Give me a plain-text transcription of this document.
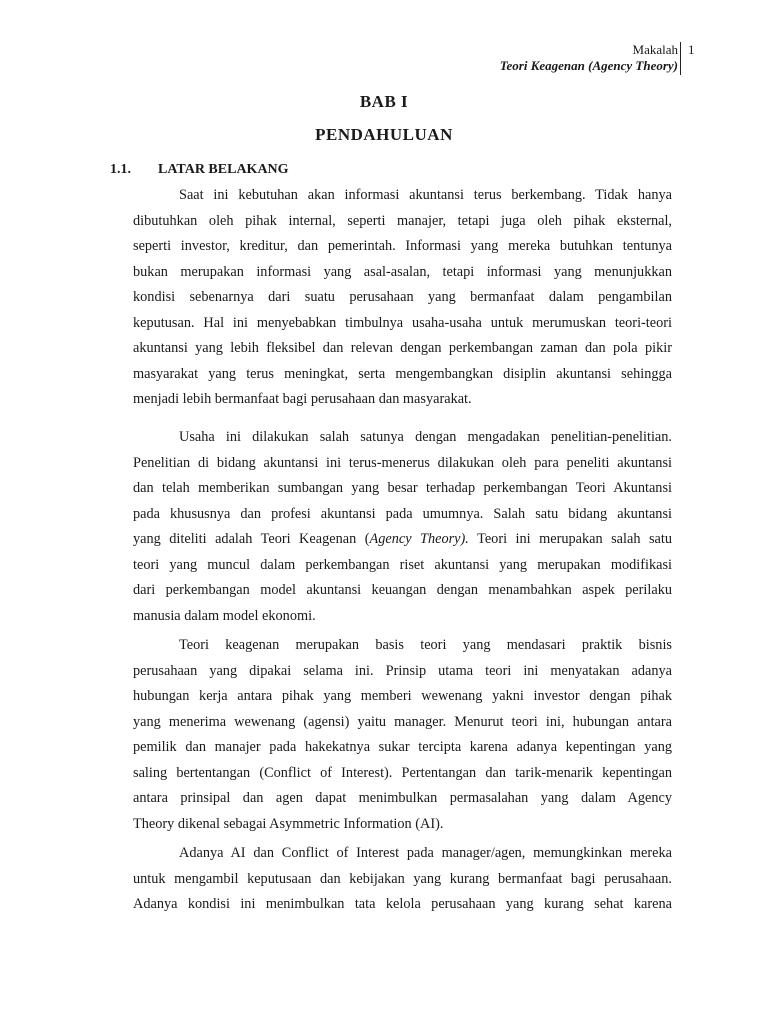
Makalah
Teori Keagenan (Agency Theory)
1
BAB I
PENDAHULUAN
1.1. LATAR BELAKANG
Saat ini kebutuhan akan informasi akuntansi terus berkembang. Tidak hanya
dibutuhkan oleh pihak internal, seperti manajer, tetapi juga oleh pihak eksternal,
seperti investor, kreditur, dan pemerintah. Informasi yang mereka butuhkan tentunya
bukan merupakan informasi yang asal-asalan, tetapi informasi yang menunjukkan
kondisi sebenarnya dari suatu perusahaan yang bermanfaat dalam pengambilan
keputusan. Hal ini menyebabkan timbulnya usaha-usaha untuk merumuskan teori-teori
akuntansi yang lebih fleksibel dan relevan dengan perkembangan zaman dan pola pikir
masyarakat yang terus meningkat, serta mengembangkan disiplin akuntansi sehingga
menjadi lebih bermanfaat bagi perusahaan dan masyarakat.
Usaha ini dilakukan salah satunya dengan mengadakan penelitian-penelitian.
Penelitian di bidang akuntansi ini terus-menerus dilakukan oleh para peneliti akuntansi
dan telah memberikan sumbangan yang besar terhadap perkembangan Teori Akuntansi
pada khususnya dan profesi akuntansi pada umumnya. Salah satu bidang akuntansi
yang diteliti adalah Teori Keagenan (Agency Theory). Teori ini merupakan salah satu
teori yang muncul dalam perkembangan riset akuntansi yang merupakan modifikasi
dari perkembangan model akuntansi keuangan dengan menambahkan aspek perilaku
manusia dalam model ekonomi.
Teori keagenan merupakan basis teori yang mendasari praktik bisnis
perusahaan yang dipakai selama ini. Prinsip utama teori ini menyatakan adanya
hubungan kerja antara pihak yang memberi wewenang yakni investor dengan pihak
yang menerima wewenang (agensi) yaitu manager. Menurut teori ini, hubungan antara
pemilik dan manajer pada hakekatnya sukar tercipta karena adanya kepentingan yang
saling bertentangan (Conflict of Interest). Pertentangan dan tarik-menarik kepentingan
antara prinsipal dan agen dapat menimbulkan permasalahan yang dalam Agency
Theory dikenal sebagai Asymmetric Information (AI).
Adanya AI dan Conflict of Interest pada manager/agen, memungkinkan mereka
untuk mengambil keputusaan dan kebijakan yang kurang bermanfaat bagi perusahaan.
Adanya kondisi ini menimbulkan tata kelola perusahaan yang kurang sehat karena
